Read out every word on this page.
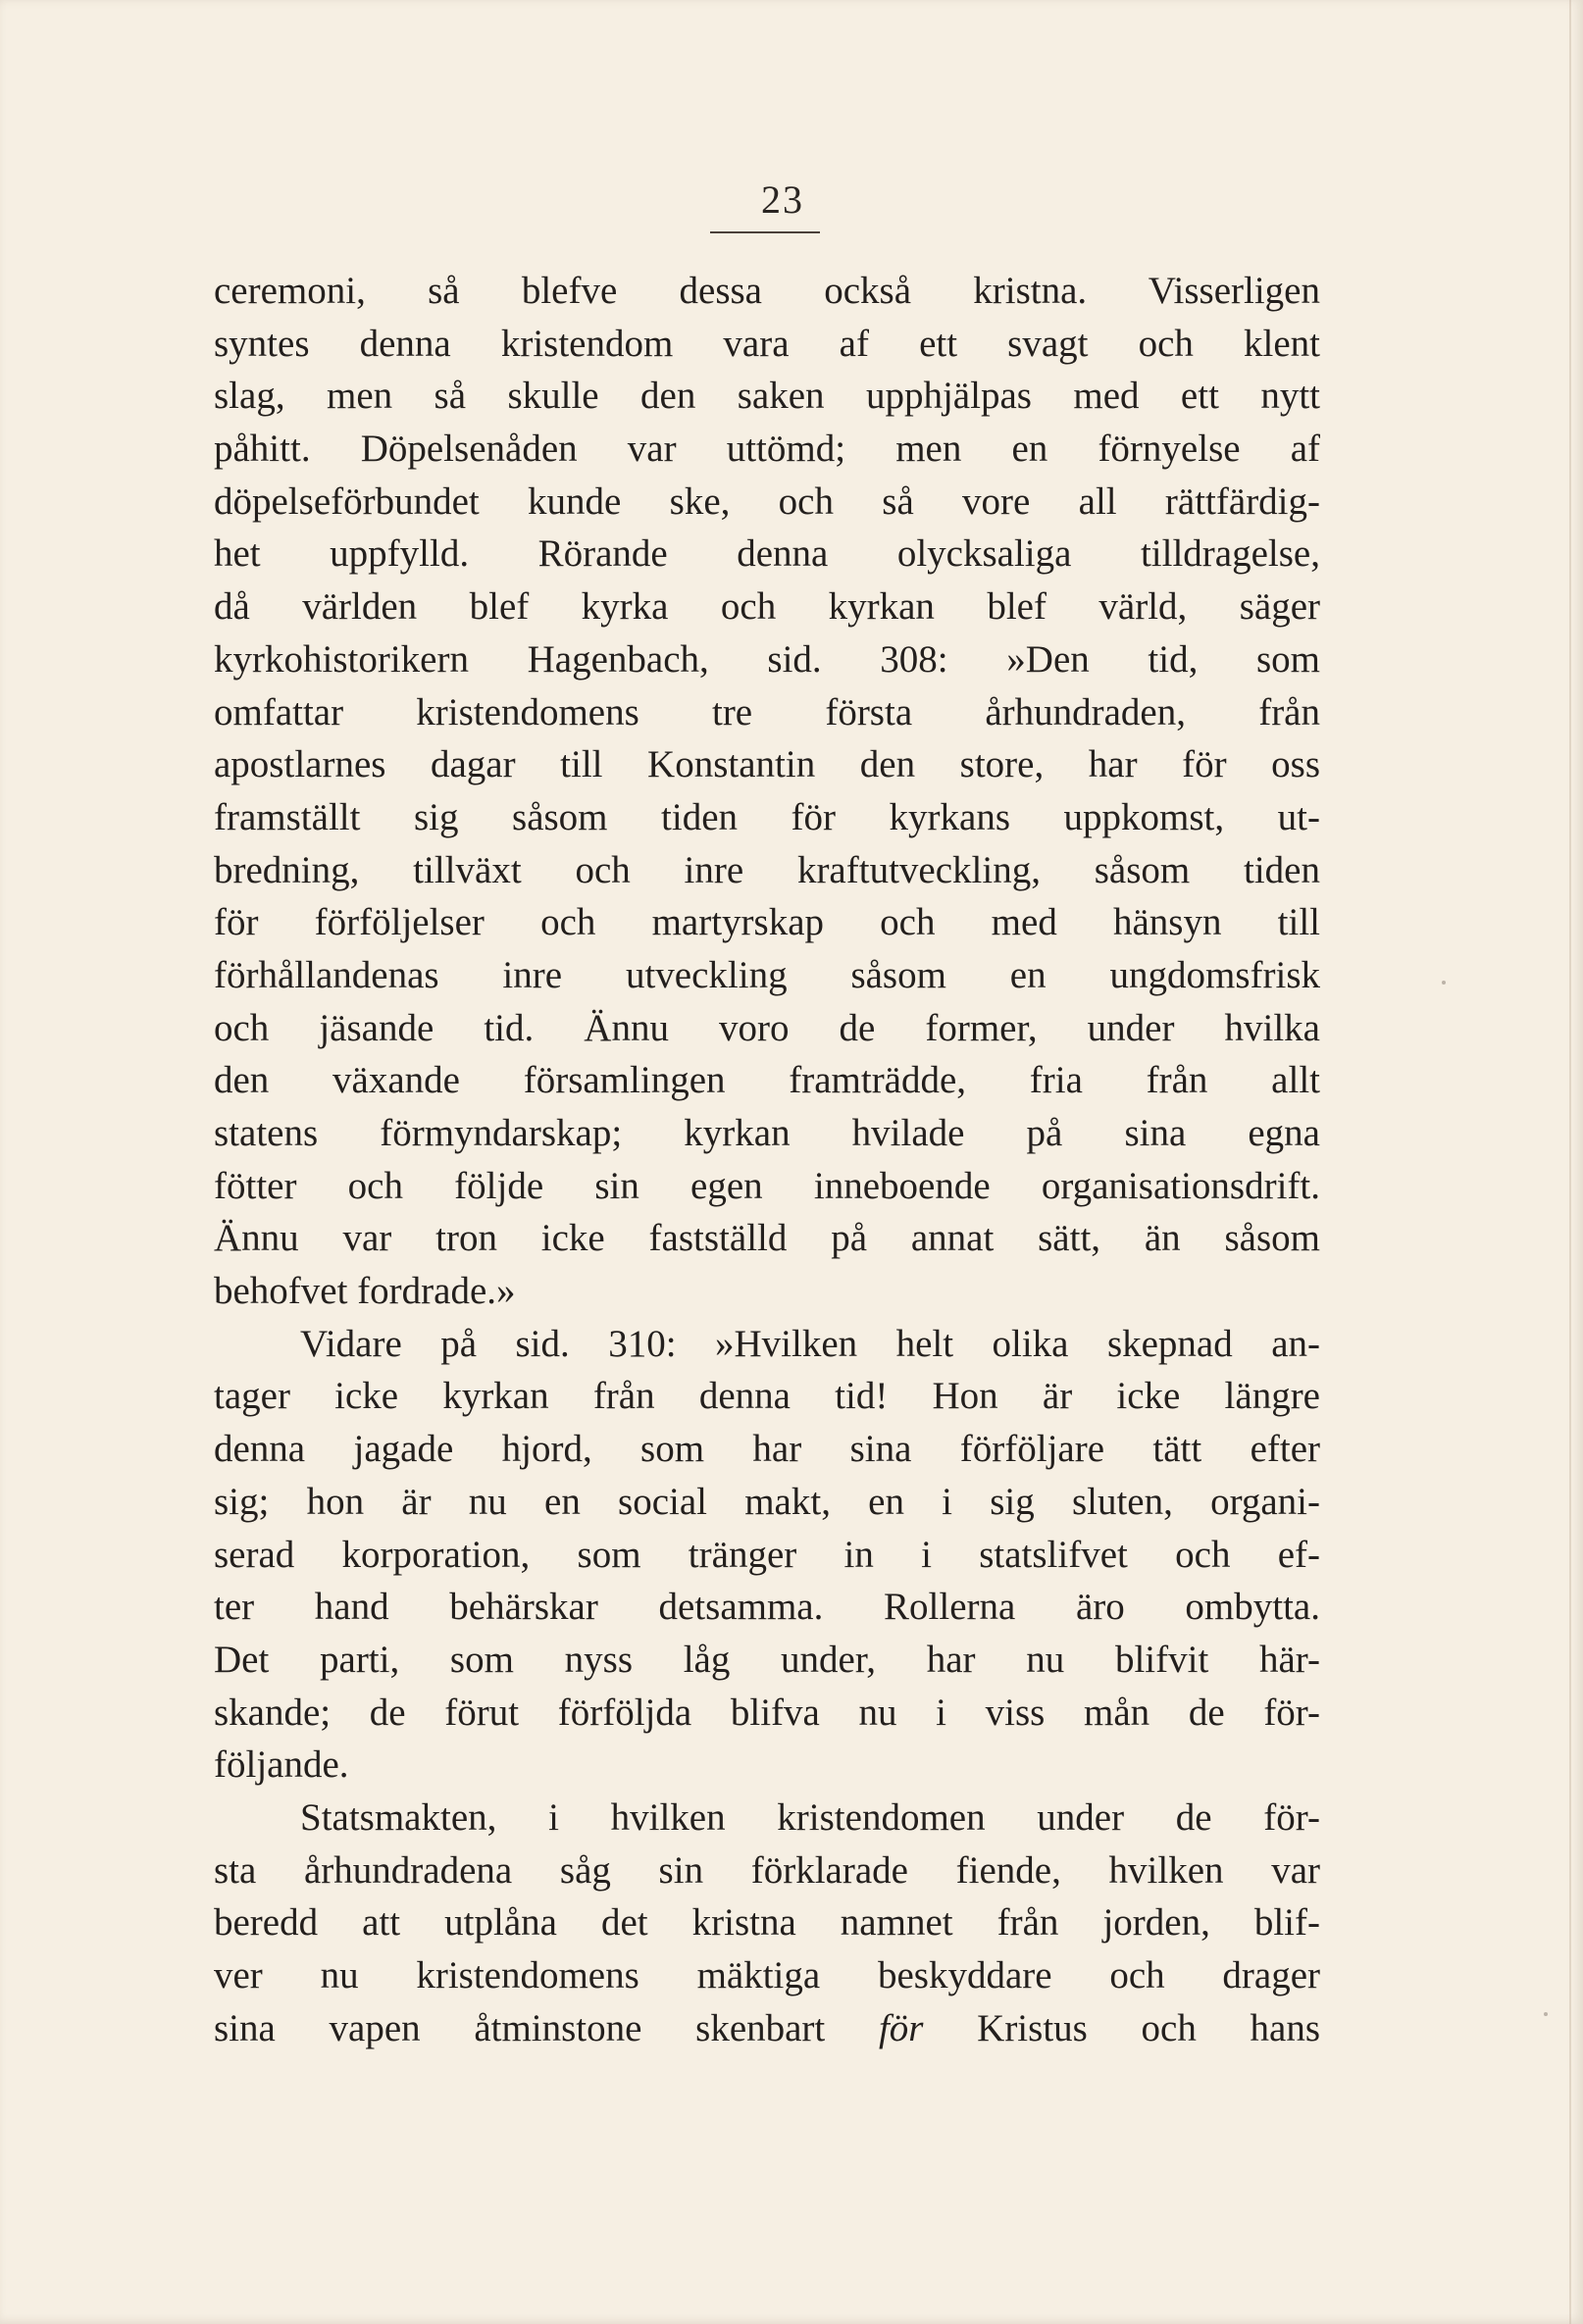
23
ceremoni, så blefve dessa också kristna. Visserligen
syntes denna kristendom vara af ett svagt och klent
slag, men så skulle den saken upphjälpas med ett nytt
påhitt. Döpelsenåden var uttömd; men en förnyelse af
döpelseförbundet kunde ske, och så vore all rättfärdig-
het uppfylld. Rörande denna olycksaliga tilldragelse,
då världen blef kyrka och kyrkan blef värld, säger
kyrkohistorikern Hagenbach, sid. 308: »Den tid, som
omfattar kristendomens tre första århundraden, från
apostlarnes dagar till Konstantin den store, har för oss
framställt sig såsom tiden för kyrkans uppkomst, ut-
bredning, tillväxt och inre kraftutveckling, såsom tiden
för förföljelser och martyrskap och med hänsyn till
förhållandenas inre utveckling såsom en ungdomsfrisk
och jäsande tid. Ännu voro de former, under hvilka
den växande församlingen framträdde, fria från allt
statens förmyndarskap; kyrkan hvilade på sina egna
fötter och följde sin egen inneboende organisationsdrift.
Ännu var tron icke fastställd på annat sätt, än såsom
behofvet fordrade.»
Vidare på sid. 310: »Hvilken helt olika skepnad an-
tager icke kyrkan från denna tid! Hon är icke längre
denna jagade hjord, som har sina förföljare tätt efter
sig; hon är nu en social makt, en i sig sluten, organi-
serad korporation, som tränger in i statslifvet och ef-
ter hand behärskar detsamma. Rollerna äro ombytta.
Det parti, som nyss låg under, har nu blifvit här-
skande; de förut förföljda blifva nu i viss mån de för-
följande.
Statsmakten, i hvilken kristendomen under de för-
sta århundradena såg sin förklarade fiende, hvilken var
beredd att utplåna det kristna namnet från jorden, blif-
ver nu kristendomens mäktiga beskyddare och drager
sina vapen åtminstone skenbart för Kristus och hans
